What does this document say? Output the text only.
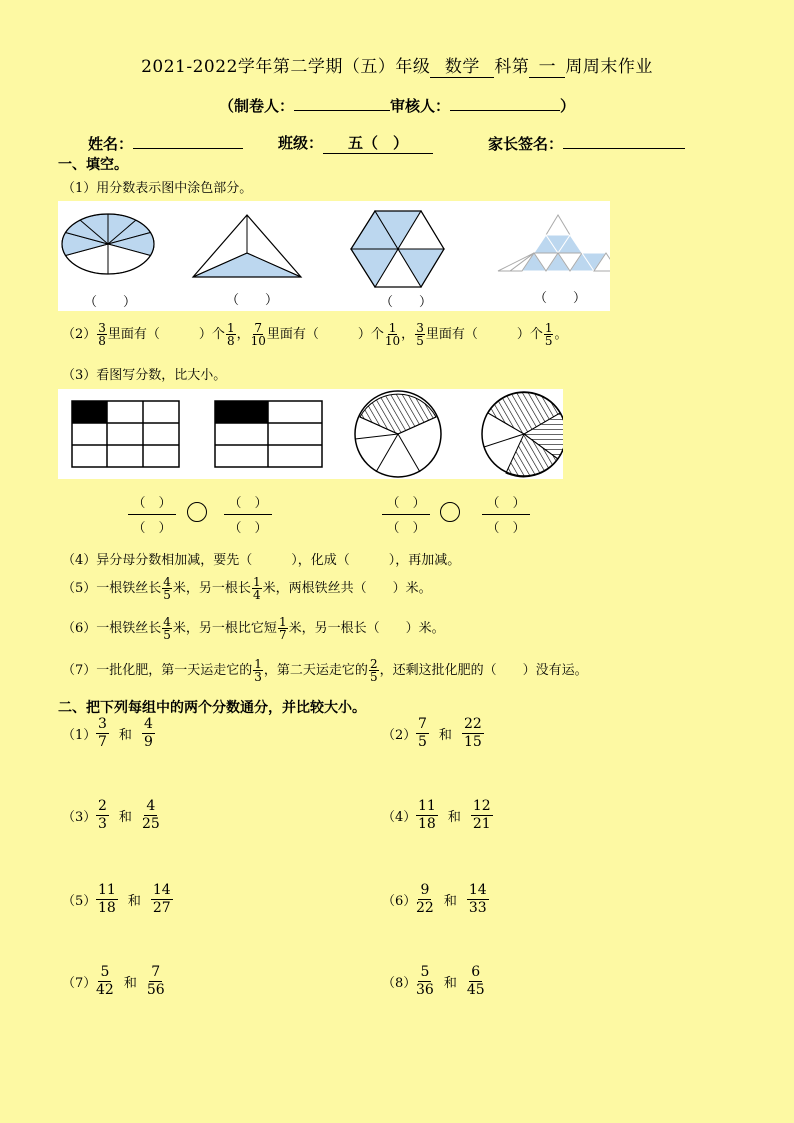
2021-2022学年第二学期（五）年级 数学 科第 一 周周末作业
（制卷人：	审核人：	）
姓名：	班级： 五（　）	家长签名：
一、填空。
（1）用分数表示图中涂色部分。
（　　）	（　　）	（　　）	（　　）
$(2) \frac{3}{8}$ 里面有（　　　）个 $\frac{1}{8}$ ， $\frac{7}{10}$ 里面有（　　　）个 $\frac{1}{10}$ ， $\frac{3}{5}$ 里面有（　　　）个 $\frac{1}{5}$ 。
（3）看图写分数，比大小。
（　）
（　）
（　）
（　）
（　）
（　）
（　）
（　）
（4）异分母分数相加减，要先（　　　），化成（　　　），再加减。
（5）一根铁丝长 $\frac{4}{5}$ 米，另一根长 $\frac{1}{4}$ 米，两根铁丝共（　　）米。
（6）一根铁丝长 $\frac{4}{5}$ 米，另一根比它短 $\frac{1}{7}$ 米，另一根长（　　）米。
（7）一批化肥，第一天运走它的 $\frac{1}{3}$ ，第二天运走它的 $\frac{2}{5}$ ，还剩这批化肥的（　　）没有运。
二、把下列每组中的两个分数通分，并比较大小。
$(1) \frac{3}{7}$ 和 $\frac{4}{9}$	$(2) \frac{7}{5}$ 和 $\frac{22}{15}$
$(3) \frac{2}{3}$ 和 $\frac{4}{25}$	$(4) \frac{11}{18}$ 和 $\frac{12}{21}$
$(5) \frac{11}{18}$ 和 $\frac{14}{27}$	$(6) \frac{9}{22}$ 和 $\frac{14}{33}$
$(7) \frac{5}{42}$ 和 $\frac{7}{56}$	$(8) \frac{5}{36}$ 和 $\frac{6}{45}$
